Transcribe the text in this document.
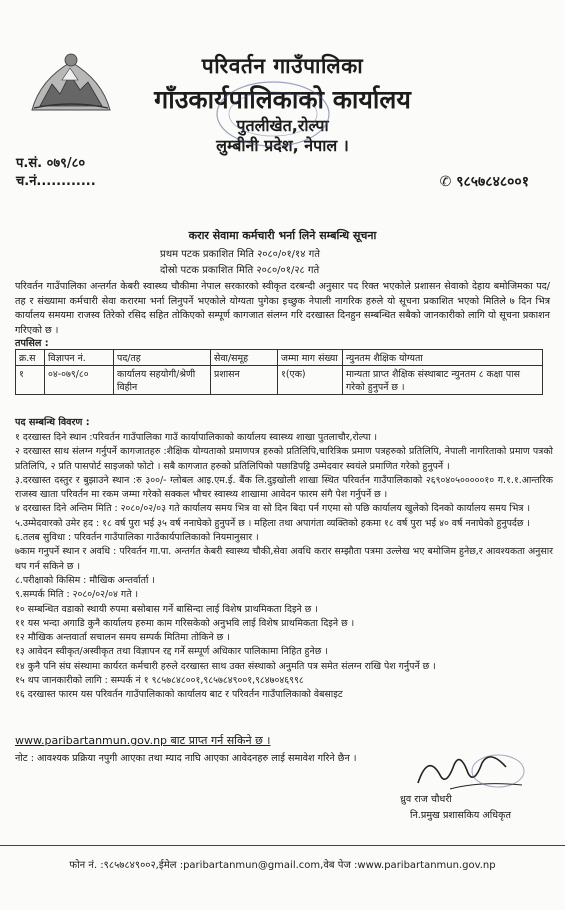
परिवर्तन गाउँपालिका
गाँउकार्यपालिकाको कार्यालय
पुतलीखेत,रोल्पा
लुम्बीनी प्रदेश, नेपाल ।
प.सं. ०७९/८०
च.नं............	✆ ९८५७८४८००१
करार सेवामा कर्मचारी भर्ना लिने सम्बन्धि सूचना
प्रथम पटक प्रकाशित मिति २०८०/०१/१४ गते
दोस्रो पटक प्रकाशित मिति २०८०/०१/२८ गते
परिवर्तन गाउँपालिका अन्तर्गत केबरी स्वास्थ्य चौकीमा नेपाल सरकारको स्वीकृत दरबन्दी अनुसार पद रिक्त भएकोले प्रशासन सेवाको देहाय बमोजिमका पद/तह र संख्यामा कर्मचारी सेवा करारमा भर्ना लिनुपर्ने भएकोले योग्यता पुगेका इच्छुक नेपाली नागरिक हरुले यो सूचना प्रकाशित भएको मितिले ७ दिन भित्र कार्यालय समयमा राजस्व तिरेको रसिद सहित तोकिएको सम्पूर्ण कागजात संलग्न गरि दरखास्त दिनहुन सम्बन्धित सबैको जानकारीको लागि यो सूचना प्रकाशन गरिएको छ ।
तपसिल :
क्र.स	विज्ञापन नं.	पद/तह	सेवा/समूह	जम्मा माग संख्या	न्युनतम शैक्षिक योग्यता
१	०४-०७९/८०	कार्यालय सहयोगी/श्रेणी विहीन	प्रशासन	१(एक)	मान्यता प्राप्त शैक्षिक संस्थाबाट न्युनतम ८ कक्षा पास गरेको हुनुपर्ने छ ।
पद सम्बन्धि विवरण :
१ दरखास्त दिने स्थान :परिवर्तन गाउँपालिका गाउँ कार्यापालिकाको कार्यालय स्वास्थ्य शाखा पुतलाचौर,रोल्पा ।
२ दरखास्त साथ संलग्न गर्नुपर्ने कागजातहरु :शैक्षिक योग्यताको प्रमाणपत्र हरुको प्रतिलिपि,चारित्रिक प्रमाण पत्रहरुको प्रतिलिपि, नेपाली नागरिताको प्रमाण पत्रको प्रतिलिपि, २ प्रति पासपोर्ट साइजको फोटो । सबै कागजात हरुको प्रतिलिपिको पछाडिपट्टि उम्मेदवार स्वयंले प्रमाणित गरेको हुनुपर्ने ।
३.दरखास्त दस्तुर र बुझाउने स्थान :रु ३००/- ग्लोबल आइ.एम.ई. बैंक लि.दुइखोली शाखा स्थित परिवर्तन गाउँपालिकाको २६९०४०५०००००१० ग.१.१.आन्तरिक राजस्व खाता परिवर्तन मा रकम जम्मा गरेको सक्कल भौचर स्वास्थ्य शाखामा आवेदन फारम संगै पेश गर्नुपर्ने छ ।
४ दरखास्त दिने अन्तिम मिति : २०८०/०२/०३ गते कार्यालय समय भित्र वा सो दिन बिदा पर्न गएमा सो पछि कार्यालय खुलेको दिनको कार्यालय समय भित्र ।
५.उम्मेदवारको उमेर हद : १८ वर्ष पुरा भई ३५ वर्ष ननाघेको हुनुपर्ने छ । महिला तथा अपागंता व्यक्तिको हकमा १८ वर्ष पुरा भई ४० वर्ष ननाघेको हुनुपर्दछ ।
६.तलब सुविधा : परिवर्तन गाउँपालिका गाउँकार्यपालिकाको नियमानुसार ।
७काम गनुपर्ने स्थान र अवधि : परिवर्तन गा.पा. अन्तर्गत केबरी स्वास्थ्य चौकी,सेवा अवधि करार सम्झौता पत्रमा उल्लेख भए बमोजिम हुनेछ,र आवश्यकता अनुसार थप गर्न सकिने छ ।
८.परीक्षाको किसिम : मौखिक अन्तर्वार्ता ।
९.सम्पर्क मिति : २०८०/०२/०४ गते ।
१० सम्बन्धित वडाको स्थायी रुपमा बसोबास गर्ने बासिन्दा लाई विशेष प्राथमिकता दिइने छ ।
११ यस भन्दा अगाडि कुनै कार्यालय हरुमा काम गरिसकेको अनुभवि लाई विशेष प्राथमिकता दिइने छ ।
१२ मौखिक अन्तवार्ता सचालन समय सम्पर्क मितिमा तोकिने छ ।
१३ आवेदन स्वीकृत/अस्वीकृत तथा विज्ञापन रद्द गर्ने सम्पूर्ण अधिकार पालिकामा निहित हुनेछ ।
१४ कुनै पनि संघ संस्थामा कार्यरत कर्मचारी हरुले दरखास्त साथ उक्त संस्थाको अनुमति पत्र समेत संलग्न राखि पेश गर्नुपर्ने छ ।
१५ थप जानकारीको लागि : सम्पर्क नं १ ९८५७८४८००१,९८५७८४९००१,९८४७०४६९९८
१६ दरखास्त फारम यस परिवर्तन गाउँपालिकाको कार्यालय बाट र परिवर्तन गाउँपालिकाको वेबसाइट
www.paribartanmun.gov.np बाट प्राप्त गर्न सकिने छ ।
नोट : आवश्यक प्रक्रिया नपुगी आएका तथा म्याद नाघि आएका आवेदनहरु लाई समावेश गरिने छैन ।
ध्रुव राज चौधरी
नि.प्रमुख प्रशासकिय अधिकृत
फोन नं. :९८५७८४९००२,ईमेल :paribartanmun@gmail.com,वेब पेज :www.paribartanmun.gov.np
